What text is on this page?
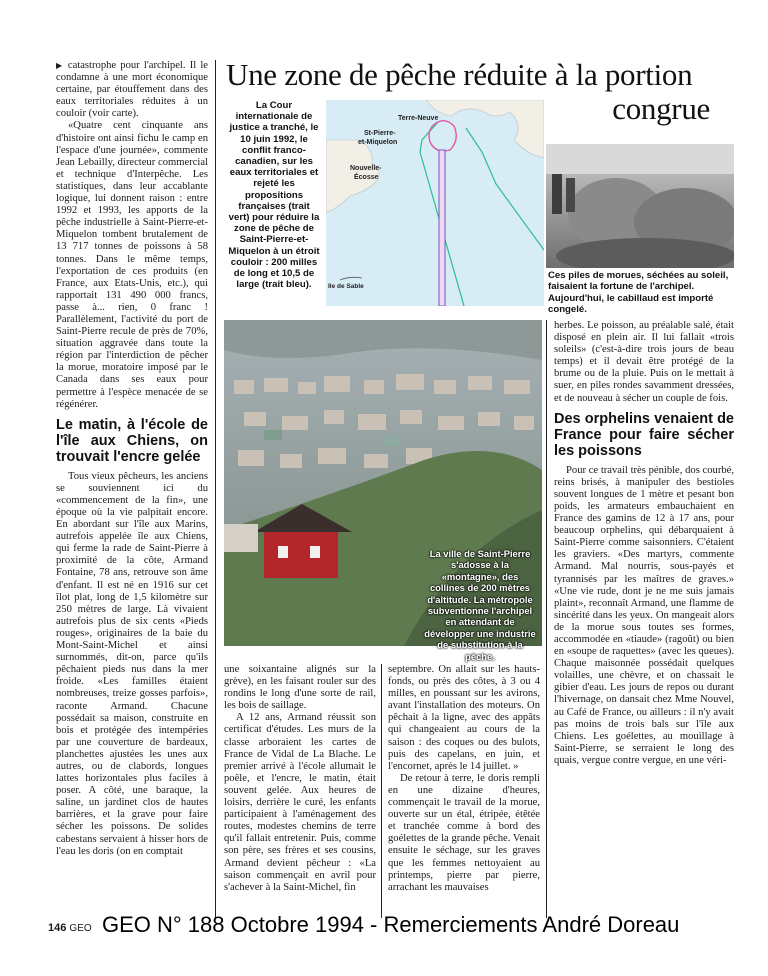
Une zone de pêche réduite à la portion
congrue

▶ catastrophe pour l'archipel. Il le condamne à une mort économique certaine, par étouffement dans des eaux territoriales réduites à un couloir (voir carte).

«Quatre cent cinquante ans d'histoire ont ainsi fichu le camp en l'espace d'une journée», commente Jean Lebailly, directeur commercial et technique d'Interpêche. Les statistiques, dans leur accablante logique, lui donnent raison : entre 1992 et 1993, les apports de la pêche industrielle à Saint-Pierre-et-Miquelon tombent brutalement de 13 717 tonnes de poissons à 58 tonnes. Dans le même temps, l'exportation de ces produits (en France, aux Etats-Unis, etc.), qui rapportait 131 490 000 francs, passe à... rien, 0 franc ! Parallèlement, l'activité du port de Saint-Pierre recule de près de 70%, situation aggravée dans toute la région par l'interdiction de pêcher la morue, moratoire imposé par le Canada dans ses eaux pour permettre à l'espèce menacée de se régénérer.

Le matin, à l'école de l'île aux Chiens, on trouvait l'encre gelée

Tous vieux pêcheurs, les anciens se souviennent ici du «commencement de la fin», une époque où la vie palpitait encore. En abordant sur l'île aux Marins, autrefois appelée île aux Chiens, qui ferme la rade de Saint-Pierre à proximité de la côte, Armand Fontaine, 78 ans, retrouve son âme d'enfant. Il est né en 1916 sur cet îlot plat, long de 1,5 kilomètre sur 250 mètres de large. Là vivaient autrefois plus de six cents «Pieds rouges», originaires de la baie du Mont-Saint-Michel et ainsi surnommés, dit-on, parce qu'ils pêchaient pieds nus dans la mer froide. «Les familles étaient nombreuses, treize gosses parfois», raconte Armand. Chacune possédait sa maison, construite en bois et protégée des intempéries par une couverture de bardeaux, planchettes ajustées les unes aux autres, ou de clabords, longues lattes horizontales plus faciles à poser. A côté, une baraque, la saline, un jardinet clos de hautes barrières, et la grave pour faire sécher les poissons. De solides cabestans servaient à hisser hors de l'eau les doris (on en comptait

La Cour internationale de justice a tranché, le 10 juin 1992, le conflit franco-canadien, sur les eaux territoriales et rejeté les propositions françaises (trait vert) pour réduire la zone de pêche de Saint-Pierre-et-Miquelon à un étroit couloir : 200 milles de long et 10,5 de large (trait bleu).
Terre-Neuve
St-Pierre-
et-Miquelon
Nouvelle-
Écosse
Ile de Sable
Ces piles de morues, séchées au soleil, faisaient la fortune de l'archipel. Aujourd'hui, le cabillaud est importé congelé.
La ville de Saint-Pierre s'adosse à la «montagne», des collines de 200 mètres d'altitude. La métropole subventionne l'archipel en attendant de développer une industrie de substitution à la pêche.

une soixantaine alignés sur la grève), en les faisant rouler sur des rondins le long d'une sorte de rail, les bois de saillage.

A 12 ans, Armand réussit son certificat d'études. Les murs de la classe arboraient les cartes de France de Vidal de La Blache. Le premier arrivé à l'école allumait le poêle, et l'encre, le matin, était souvent gelée. Aux heures de loisirs, derrière le curé, les enfants participaient à l'aménagement des routes, modestes chemins de terre qu'il fallait entretenir. Puis, comme son père, ses frères et ses cousins, Armand devient pêcheur : «La saison commençait en avril pour s'achever à la Saint-Michel, fin

septembre. On allait sur les hauts-fonds, ou près des côtes, à 3 ou 4 milles, en poussant sur les avirons, avant l'installation des moteurs. On pêchait à la ligne, avec des appâts qui changeaient au cours de la saison : des coques ou des bulots, puis des capelans, en juin, et l'encornet, après le 14 juillet. »

De retour à terre, le doris rempli en une dizaine d'heures, commençait le travail de la morue, ouverte sur un étal, étripée, étêtée et tranchée comme à bord des goélettes de la grande pêche. Venait ensuite le séchage, sur les graves que les femmes nettoyaient au printemps, pierre par pierre, arrachant les mauvaises

herbes. Le poisson, au préalable salé, était disposé en plein air. Il lui fallait «trois soleils» (c'est-à-dire trois jours de beau temps) et il devait être protégé de la brume ou de la pluie. Puis on le mettait à suer, en piles rondes savamment dressées, et de nouveau à sécher un couple de fois.

Des orphelins venaient de France pour faire sécher les poissons

Pour ce travail très pénible, dos courbé, reins brisés, à manipuler des bestioles souvent longues de 1 mètre et pesant bon poids, les armateurs embauchaient en France des gamins de 12 à 17 ans, pour beaucoup orphelins, qui débarquaient à Saint-Pierre comme saisonniers. C'étaient les graviers. «Des martyrs, commente Armand. Mal nourris, sous-payés et tyrannisés par les maîtres de graves.» «Une vie rude, dont je ne me suis jamais plaint», reconnaît Armand, une flamme de sincérité dans les yeux. On mangeait alors de la morue sous toutes ses formes, accommodée en «tiaude» (ragoût) ou bien en «soupe de raquettes» (avec les queues). Chaque maisonnée possédait quelques volailles, une chèvre, et on chassait le gibier d'eau. Les jours de repos ou durant l'hivernage, on dansait chez Mme Nouvel, au Café de France, ou ailleurs : il n'y avait pas moins de trois bals sur l'île aux Chiens. Les goélettes, au mouillage à Saint-Pierre, se serraient le long des quais, vergue contre vergue, en une véri-

146 GEO GEO N° 188 Octobre 1994 - Remerciements André Doreau
